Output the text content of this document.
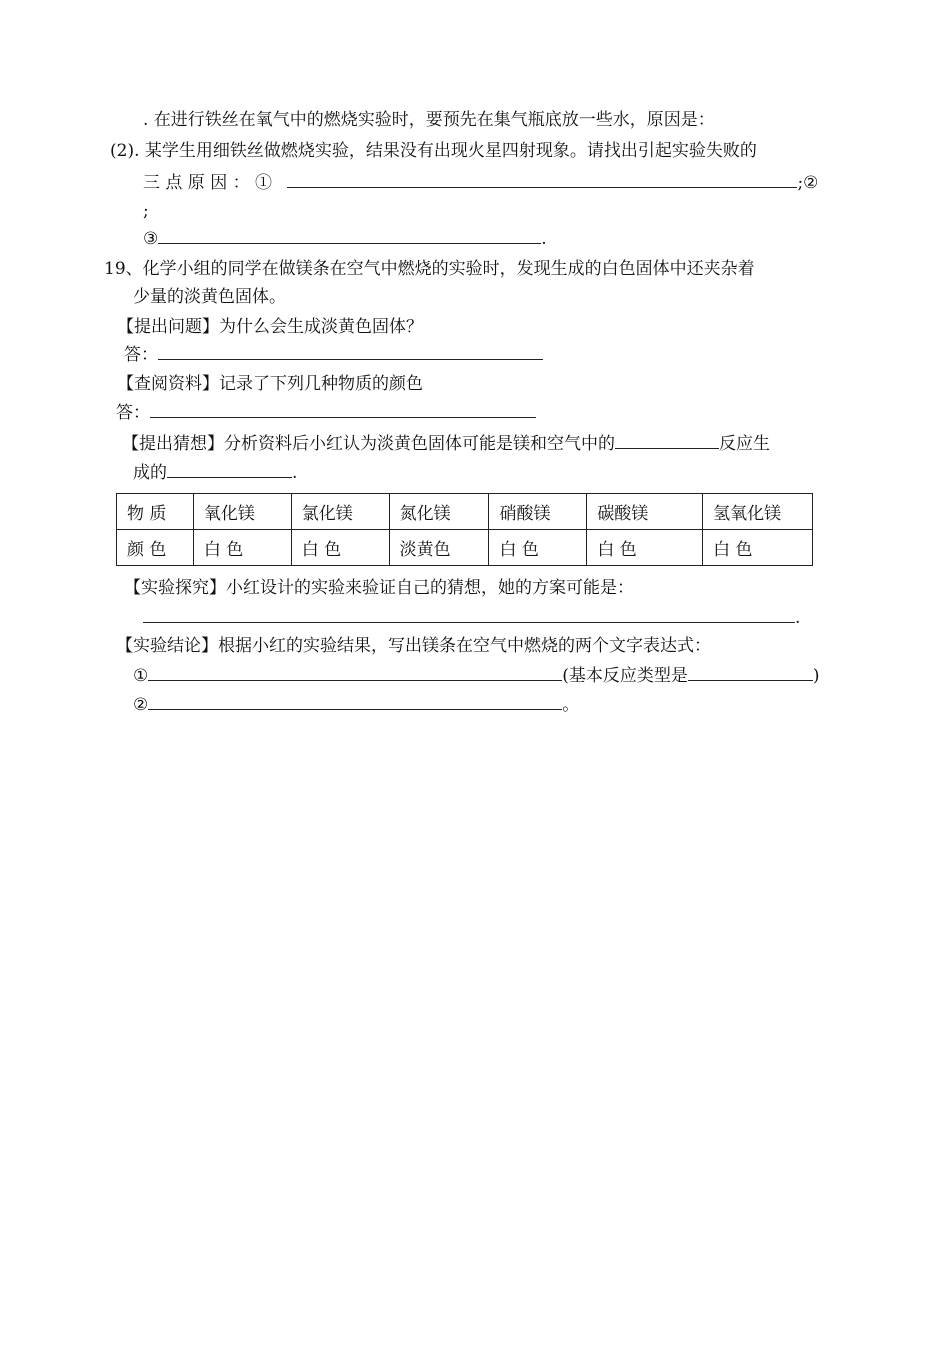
. 在进行铁丝在氧气中的燃烧实验时，要预先在集气瓶底放一些水，原因是：
(2). 某学生用细铁丝做燃烧实验，结果没有出现火星四射现象。请找出引起实验失败的
三 点 原 因 ： ①	;②
;
③	.
19、化学小组的同学在做镁条在空气中燃烧的实验时，发现生成的白色固体中还夹杂着
少量的淡黄色固体。
【提出问题】为什么会生成淡黄色固体？
答：
【查阅资料】记录了下列几种物质的颜色
答：
【提出猜想】分析资料后小红认为淡黄色固体可能是镁和空气中的	反应生
成的	.
物 质	氧化镁	氯化镁	氮化镁	硝酸镁	碳酸镁	氢氧化镁
颜 色	白 色	白 色	淡黄色	白 色	白 色	白 色
【实验探究】小红设计的实验来验证自己的猜想，她的方案可能是：
.
【实验结论】根据小红的实验结果，写出镁条在空气中燃烧的两个文字表达式：
①	(基本反应类型是	)
②	。
